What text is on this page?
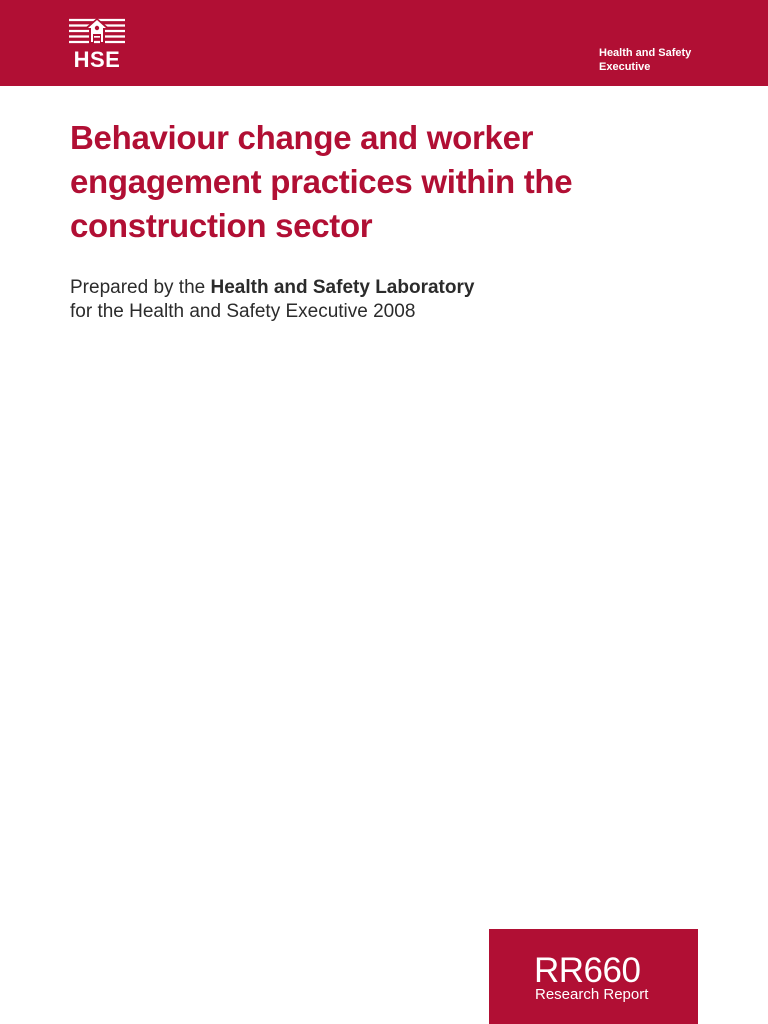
HSE	Health and Safety
Executive
Behaviour change and worker
engagement practices within the
construction sector
Prepared by the Health and Safety Laboratory
for the Health and Safety Executive 2008
RR660
Research Report
